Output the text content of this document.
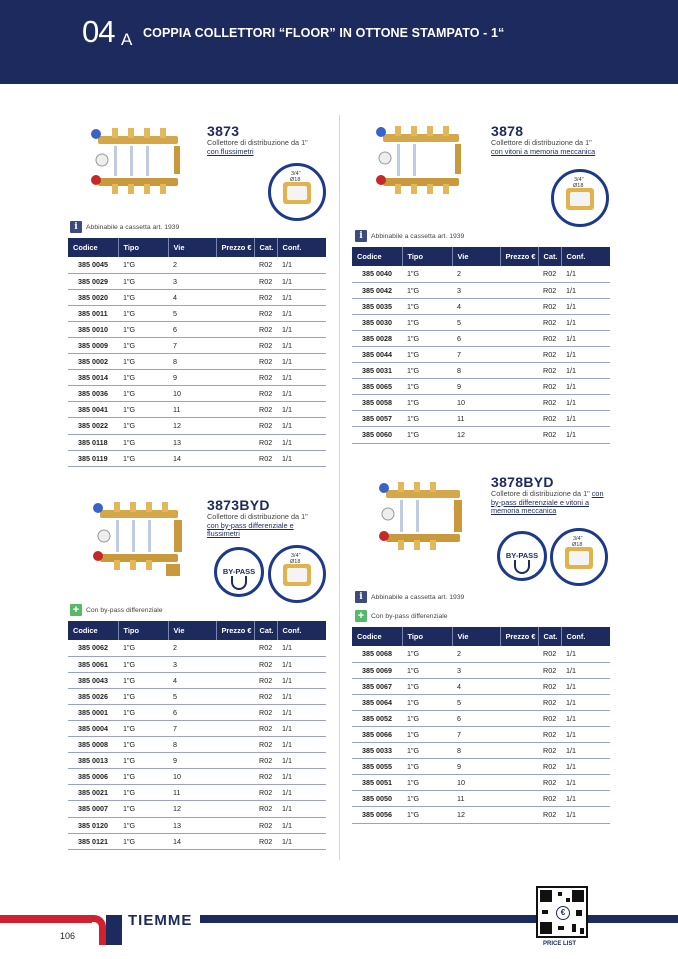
04 A COPPIA COLLETTORI “FLOOR” IN OTTONE STAMPATO - 1“
3873
Collettore di distribuzione da 1" con flussimetri
3/4"
Ø18
i	Abbinabile a cassetta art. 1939
Codice	Tipo	Vie	Prezzo €	Cat.	Conf.
385 0045	1"G	2		R02	1/1
385 0029	1"G	3		R02	1/1
385 0020	1"G	4		R02	1/1
385 0011	1"G	5		R02	1/1
385 0010	1"G	6		R02	1/1
385 0009	1"G	7		R02	1/1
385 0002	1"G	8		R02	1/1
385 0014	1"G	9		R02	1/1
385 0036	1"G	10		R02	1/1
385 0041	1"G	11		R02	1/1
385 0022	1"G	12		R02	1/1
385 0118	1"G	13		R02	1/1
385 0119	1"G	14		R02	1/1
3878
Collettore di distribuzione da 1" con vitoni a memoria meccanica
3/4"
Ø18
i	Abbinabile a cassetta art. 1939
Codice	Tipo	Vie	Prezzo €	Cat.	Conf.
385 0040	1"G	2		R02	1/1
385 0042	1"G	3		R02	1/1
385 0035	1"G	4		R02	1/1
385 0030	1"G	5		R02	1/1
385 0028	1"G	6		R02	1/1
385 0044	1"G	7		R02	1/1
385 0031	1"G	8		R02	1/1
385 0065	1"G	9		R02	1/1
385 0058	1"G	10		R02	1/1
385 0057	1"G	11		R02	1/1
385 0060	1"G	12		R02	1/1
3873BYD
Collettore di distribuzione da 1" con by-pass differenziale e flussimetri
BY-PASS
3/4"
Ø18
+ Con by-pass differenziale
Codice	Tipo	Vie	Prezzo €	Cat.	Conf.
385 0062	1"G	2		R02	1/1
385 0061	1"G	3		R02	1/1
385 0043	1"G	4		R02	1/1
385 0026	1"G	5		R02	1/1
385 0001	1"G	6		R02	1/1
385 0004	1"G	7		R02	1/1
385 0008	1"G	8		R02	1/1
385 0013	1"G	9		R02	1/1
385 0006	1"G	10		R02	1/1
385 0021	1"G	11		R02	1/1
385 0007	1"G	12		R02	1/1
385 0120	1"G	13		R02	1/1
385 0121	1"G	14		R02	1/1
3878BYD
Colletore di distribuzione da 1" con by-pass differenziale e vitoni a memoria meccanica
BY-PASS
3/4"
Ø18
i	Abbinabile a cassetta art. 1939
+ Con by-pass differenziale
Codice	Tipo	Vie	Prezzo €	Cat.	Conf.
385 0068	1"G	2		R02	1/1
385 0069	1"G	3		R02	1/1
385 0067	1"G	4		R02	1/1
385 0064	1"G	5		R02	1/1
385 0052	1"G	6		R02	1/1
385 0066	1"G	7		R02	1/1
385 0033	1"G	8		R02	1/1
385 0055	1"G	9		R02	1/1
385 0051	1"G	10		R02	1/1
385 0050	1"G	11		R02	1/1
385 0056	1"G	12		R02	1/1
TIEMME
106
€
PRICE LIST
